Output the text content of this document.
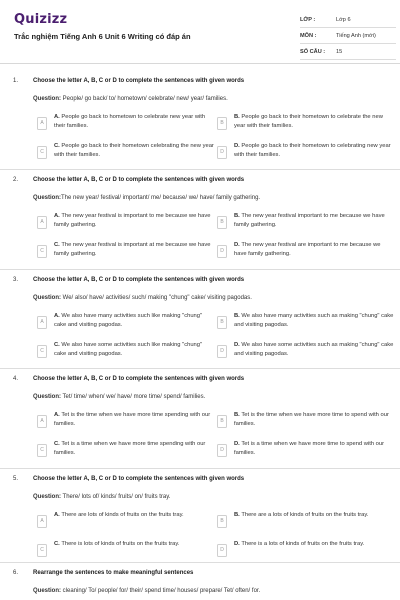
Quizizz
Trắc nghiệm Tiếng Anh 6 Unit 6 Writing có đáp án
LỚP :	Lớp 6
MÔN :	Tiếng Anh (mới)
SỐ CÂU :	15
1. Choose the letter A, B, C or D to complete the sentences with given words
Question: People/ go back/ to/ hometown/ celebrate/ new/ year/ families.
A
A. People go back to hometown to celebrate new year with their families.	B
B. People go back to their hometown to celebrate the new year with their families.
C
C. People go back to their hometown celebrating the new year with their families.	D
D. People go back to their hometown to celebrating new year with their families.
2. Choose the letter A, B, C or D to complete the sentences with given words
Question:The new year/ festival/ important/ me/ because/ we/ have/ family gathering.
A
A. The new year festival is important to me because we have family gathering.	B
B. The new year festival important to me because we have family gathering.
C
C. The new year festival is important at me because we have family gathering.	D
D. The new year festival are important to me because we have family gathering.
3. Choose the letter A, B, C or D to complete the sentences with given words
Question: We/ also/ have/ activities/ such/ making "chung" cake/ visiting pagodas.
A
A. We also have many activities such like making "chung" cake and visiting pagodas.	B
B. We also have many activities such as making "chung" cake and visiting pagodas.
C
C. We also have some activities such like making "chung" cake and visiting pagodas.	D
D. We also have some activities such as making "chung" cake and visiting pagodas.
4. Choose the letter A, B, C or D to complete the sentences with given words
Question: Tet/ time/ when/ we/ have/ more time/ spend/ families.
A
A. Tet is the time when we have more time spending with our families.	B
B. Tet is the time when we have more time to spend with our families.
C
C. Tet is a time when we have more time spending with our families.	D
D. Tet is a time when we have more time to spend with our families.
5. Choose the letter A, B, C or D to complete the sentences with given words
Question: There/ lots of/ kinds/ fruits/ on/ fruits tray.
A
A. There are lots of kinds of fruits on the fruits tray.
B
B. There are a lots of kinds of fruits on the fruits tray.
C
C. There is lots of kinds of fruits on the fruits tray.
D
D. There is a lots of kinds of fruits on the fruits tray.
6. Rearrange the sentences to make meaningful sentences
Question: cleaning/ To/ people/ for/ their/ spend time/ houses/ prepare/ Tet/ often/ for.
